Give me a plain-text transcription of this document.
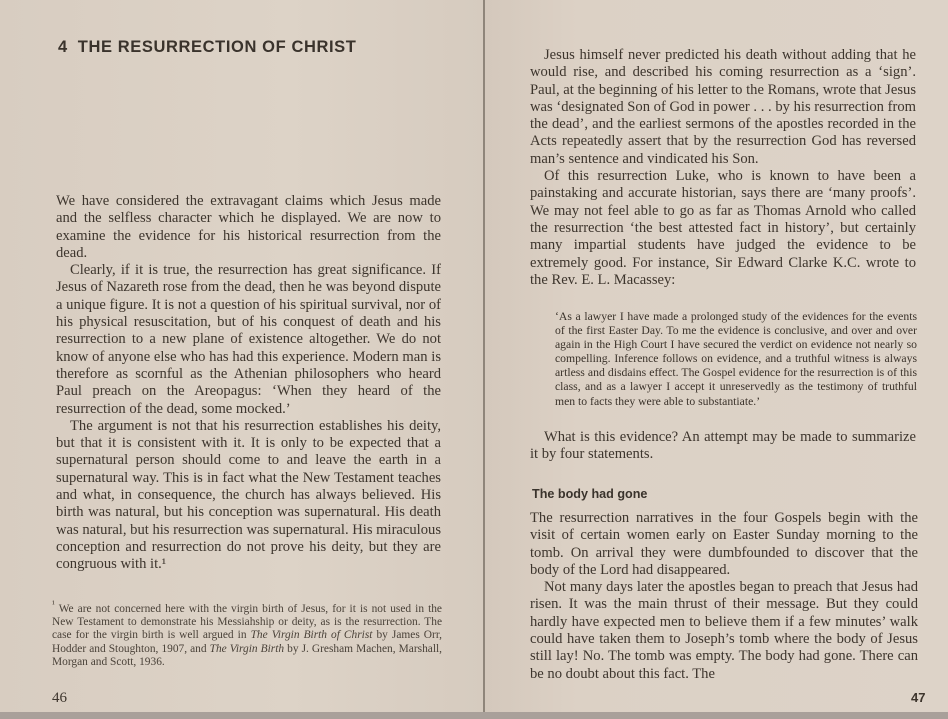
4 THE RESURRECTION OF CHRIST

We have considered the extravagant claims which Jesus made and the selfless character which he displayed. We are now to examine the evidence for his historical resurrection from the dead.

Clearly, if it is true, the resurrection has great significance. If Jesus of Nazareth rose from the dead, then he was beyond dispute a unique figure. It is not a question of his spiritual survival, nor of his physical resuscitation, but of his conquest of death and his resurrection to a new plane of existence altogether. We do not know of anyone else who has had this experience. Modern man is therefore as scornful as the Athenian philosophers who heard Paul preach on the Areopagus: ‘When they heard of the resurrection of the dead, some mocked.’

The argument is not that his resurrection establishes his deity, but that it is consistent with it. It is only to be expected that a supernatural person should come to and leave the earth in a supernatural way. This is in fact what the New Testament teaches and what, in consequence, the church has always believed. His birth was natural, but his conception was supernatural. His death was natural, but his resurrection was supernatural. His miraculous conception and resurrection do not prove his deity, but they are congruous with it.¹

$^{^1}$ We are not concerned here with the virgin birth of Jesus, for it is not used in the New Testament to demonstrate his Messiahship or deity, as is the resurrection. The case for the virgin birth is well argued in The Virgin Birth of Christ by James Orr, Hodder and Stoughton, 1907, and The Virgin Birth by J. Gresham Machen, Marshall, Morgan and Scott, 1936.
46

Jesus himself never predicted his death without adding that he would rise, and described his coming resurrection as a ‘sign’. Paul, at the beginning of his letter to the Romans, wrote that Jesus was ‘designated Son of God in power . . . by his resurrection from the dead’, and the earliest sermons of the apostles recorded in the Acts repeatedly assert that by the resurrection God has reversed man’s sentence and vindicated his Son.

Of this resurrection Luke, who is known to have been a painstaking and accurate historian, says there are ‘many proofs’. We may not feel able to go as far as Thomas Arnold who called the resurrection ‘the best attested fact in history’, but certainly many impartial students have judged the evidence to be extremely good. For instance, Sir Edward Clarke K.C. wrote to the Rev. E. L. Macassey:

‘As a lawyer I have made a prolonged study of the evidences for the events of the first Easter Day. To me the evidence is conclusive, and over and over again in the High Court I have secured the verdict on evidence not nearly so compelling. Inference follows on evidence, and a truthful witness is always artless and disdains effect. The Gospel evidence for the resurrection is of this class, and as a lawyer I accept it unreservedly as the testimony of truthful men to facts they were able to substantiate.’

What is this evidence? An attempt may be made to summarize it by four statements.

The body had gone

The resurrection narratives in the four Gospels begin with the visit of certain women early on Easter Sunday morning to the tomb. On arrival they were dumbfounded to discover that the body of the Lord had disappeared.

Not many days later the apostles began to preach that Jesus had risen. It was the main thrust of their message. But they could hardly have expected men to believe them if a few minutes’ walk could have taken them to Joseph’s tomb where the body of Jesus still lay! No. The tomb was empty. The body had gone. There can be no doubt about this fact. The

47
